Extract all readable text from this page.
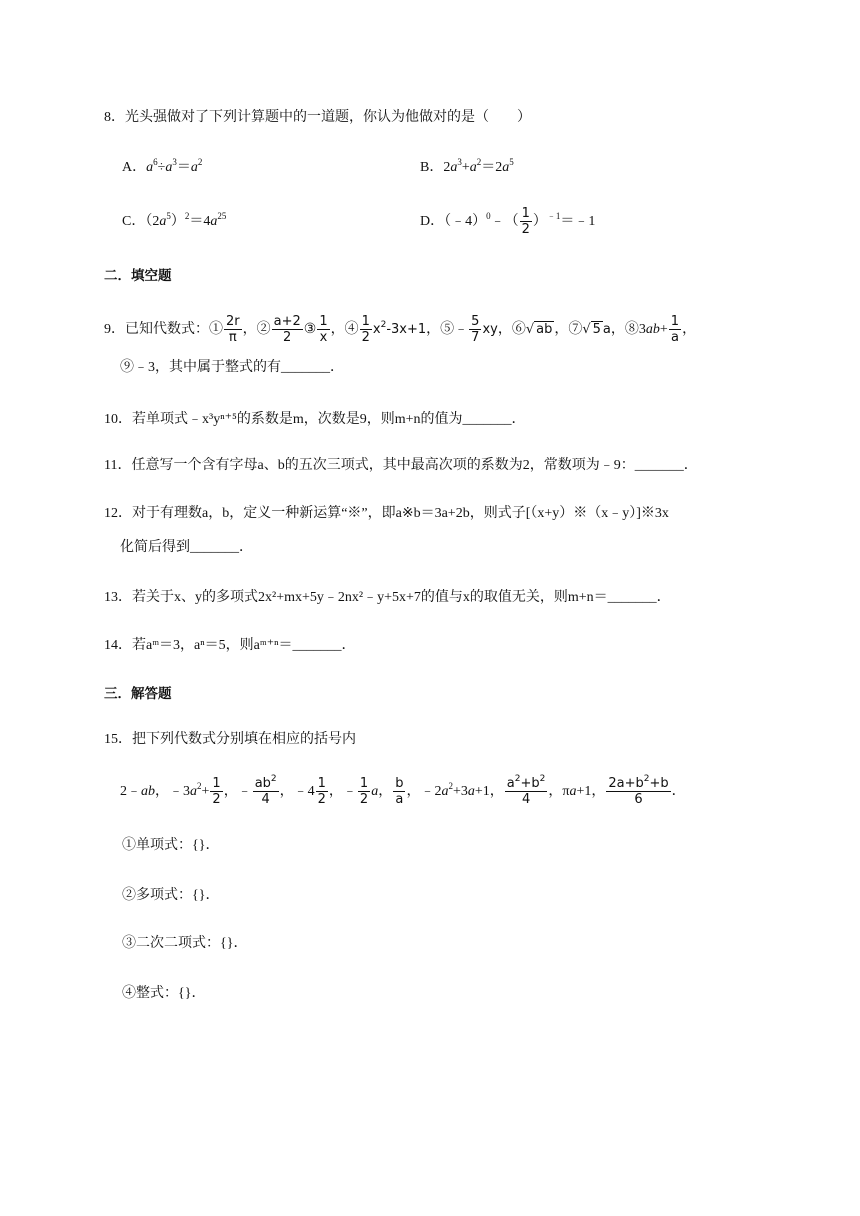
8．光头强做对了下列计算题中的一道题，你认为他做对的是（　　）
A．$a^6\div a^3=a^2$	B．$2a^3+a^2=2a^5$
C．$(2a^5)^2=4a^{25}$	D．（﹣4）$^0$﹣（ $\frac{1}{2}$ ）$^{﹣1}$＝﹣1
二．填空题
9．已知代数式：① $\frac{2r}{\pi}$ ，② $\frac{a+2}{2}$ ③ $\frac{1}{x}$ ，④ $\frac{1}{2} x^2-3x+1$，⑤﹣ $\frac{5}{7}$ xy，⑥√ ab ，⑦√ 5 a，⑧3ab+ $\frac{1}{a}$ ，
⑨﹣3，其中属于整式的有_______．
10．若单项式﹣x³yⁿ⁺⁵的系数是m，次数是9，则m+n的值为_______．
11．任意写一个含有字母a、b的五次三项式，其中最高次项的系数为2，常数项为﹣9：_______．
12．对于有理数a，b，定义一种新运算“※”，即a※b＝3a+2b，则式子[（x+y）※（x﹣y）]※3x
化简后得到_______．
13．若关于x、y的多项式2x²+mx+5y﹣2nx²﹣y+5x+7的值与x的取值无关，则m+n＝_______．
14．若aᵐ＝3，aⁿ＝5，则aᵐ⁺ⁿ＝_______．
三．解答题
15．把下列代数式分别填在相应的括号内
2﹣ab，$﹣3a^2+ \frac{1}{2}$ ，﹣ $\frac{ab^2}{4}$ ，﹣4 $\frac{1}{2}$ ，﹣ $\frac{1}{2}$ a， $\frac{b}{a}$ ，$﹣2a^2+3a+1$， $\frac{a^2+b^2}{4}$ ，πa+1， $\frac{2a+b^2+b}{6}$ ．
①单项式：{}．
②多项式：{}．
③二次二项式：{}．
④整式：{}．
